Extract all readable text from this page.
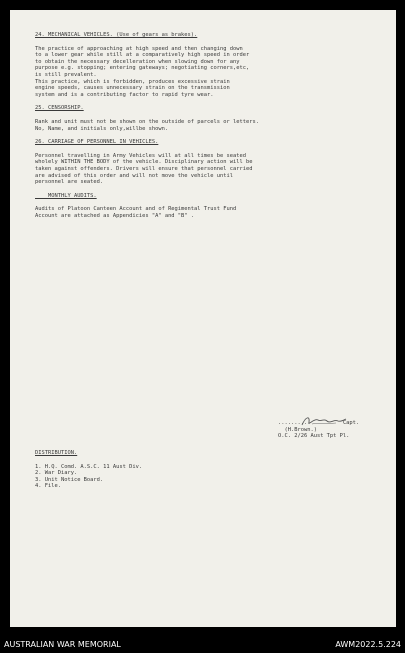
24. MECHANICAL VEHICLES. (Use of gears as brakes).
The practice of approaching at high speed and then changing down
to a lower gear while still at a comparatively high speed in order
to obtain the necessary decelleration when slowing down for any
purpose e.g. stopping; entering gateways; negotiating corners,etc,
is still prevalent.
This practice, which is forbidden, produces excessive strain
engine speeds, causes unnecessary strain on the transmission
system and is a contributing factor to rapid tyre wear.
25. CENSORSHIP.
Rank and unit must not be shown on the outside of parcels or letters.
No, Name, and initials only,willbe shown.
26. CARRIAGE OF PERSONNEL IN VEHICLES.
Personnel travelling in Army Vehicles will at all times be seated
wholely WITHIN THE BODY of the vehicle. Disciplinary action will be
taken against offenders. Drivers will ensure that personnel carried
are advised of this order and will not move the vehicle until
personnel are seated.
MONTHLY AUDITS.
Audits of Platoon Canteen Account and of Regimental Trust Fund
Account are attached as Appendicies "A" and "B" .
..........	Capt.
(H.Brown.)
O.C. 2/26 Aust Tpt Pl.
DISTRIBUTION.
1. H.Q. Comd. A.S.C. 11 Aust Div.
2. War Diary.
3. Unit Notice Board.
4. File.
AUSTRALIAN WAR MEMORIAL	AWM2022.5.224
